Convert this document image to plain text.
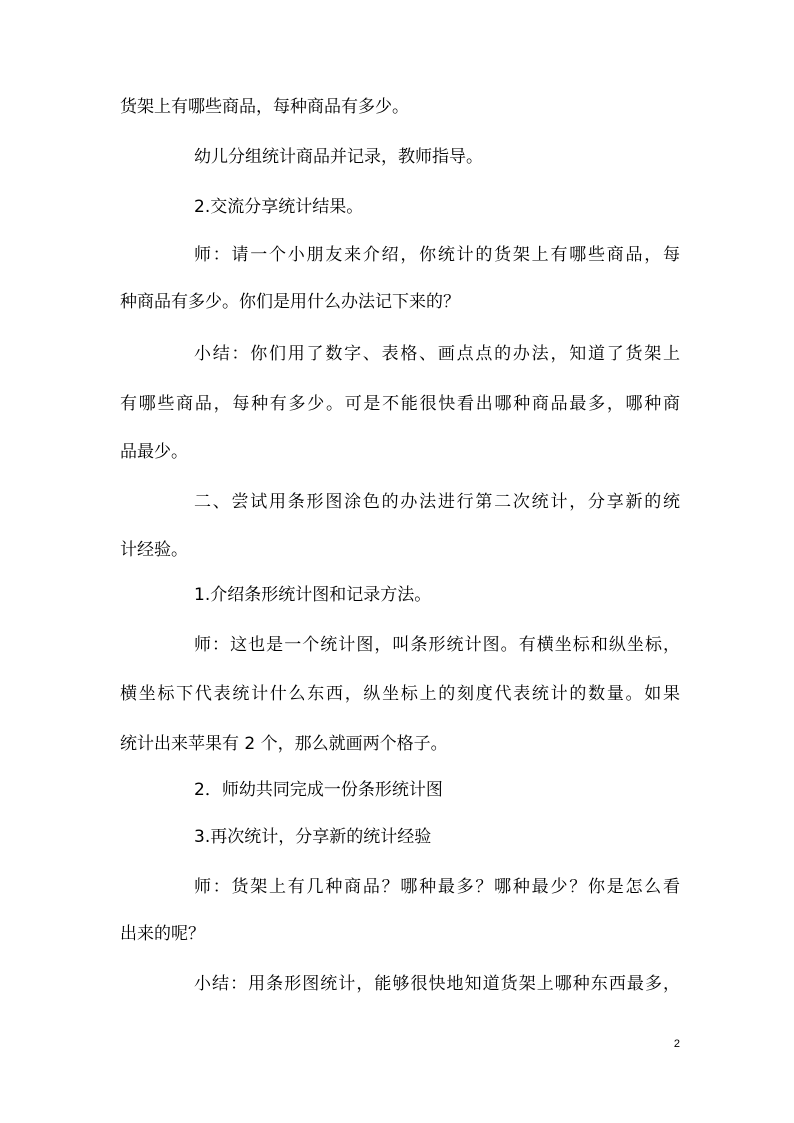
货架上有哪些商品，每种商品有多少。
幼儿分组统计商品并记录，教师指导。
2.交流分享统计结果。
师：请一个小朋友来介绍，你统计的货架上有哪些商品，每
种商品有多少。你们是用什么办法记下来的？
小结：你们用了数字、表格、画点点的办法，知道了货架上
有哪些商品，每种有多少。可是不能很快看出哪种商品最多，哪种商
品最少。
二、尝试用条形图涂色的办法进行第二次统计，分享新的统
计经验。
1.介绍条形统计图和记录方法。
师：这也是一个统计图，叫条形统计图。有横坐标和纵坐标，
横坐标下代表统计什么东西，纵坐标上的刻度代表统计的数量。如果
统计出来苹果有 2 个，那么就画两个格子。
2．师幼共同完成一份条形统计图
3.再次统计，分享新的统计经验
师：货架上有几种商品？哪种最多？哪种最少？你是怎么看
出来的呢？
小结：用条形图统计，能够很快地知道货架上哪种东西最多，
2
